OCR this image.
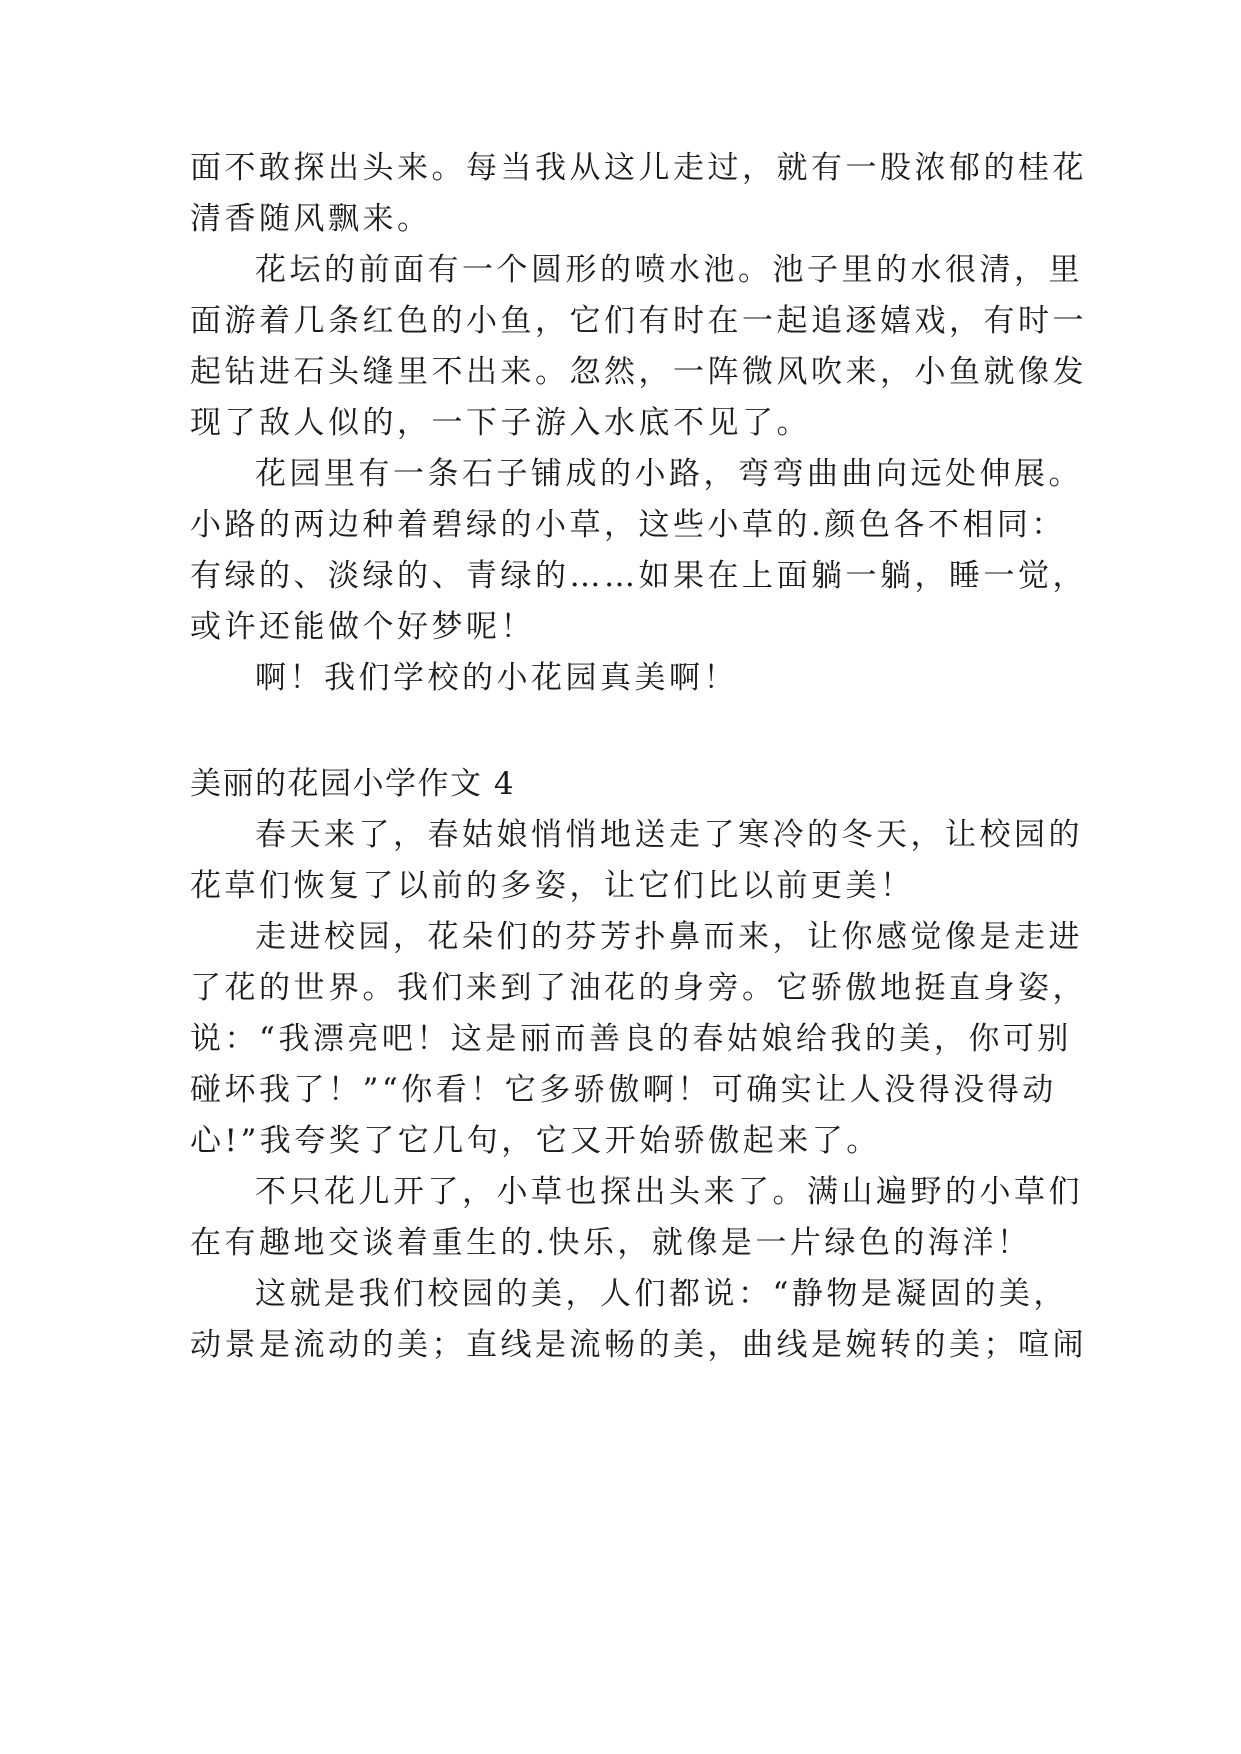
面不敢探出头来。每当我从这儿走过，就有一股浓郁的桂花
清香随风飘来。
花坛的前面有一个圆形的喷水池。池子里的水很清，里
面游着几条红色的小鱼，它们有时在一起追逐嬉戏，有时一
起钻进石头缝里不出来。忽然，一阵微风吹来，小鱼就像发
现了敌人似的，一下子游入水底不见了。
花园里有一条石子铺成的小路，弯弯曲曲向远处伸展。
小路的两边种着碧绿的小草，这些小草的.颜色各不相同：
有绿的、淡绿的、青绿的……如果在上面躺一躺，睡一觉，
或许还能做个好梦呢！
啊！我们学校的小花园真美啊！
美丽的花园小学作文 4
春天来了，春姑娘悄悄地送走了寒冷的冬天，让校园的
花草们恢复了以前的多姿，让它们比以前更美！
走进校园，花朵们的芬芳扑鼻而来，让你感觉像是走进
了花的世界。我们来到了油花的身旁。它骄傲地挺直身姿，
说：“我漂亮吧！这是丽而善良的春姑娘给我的美，你可别
碰坏我了！”“你看！它多骄傲啊！可确实让人没得没得动
心!”我夸奖了它几句，它又开始骄傲起来了。
不只花儿开了，小草也探出头来了。满山遍野的小草们
在有趣地交谈着重生的.快乐，就像是一片绿色的海洋！
这就是我们校园的美，人们都说：“静物是凝固的美，
动景是流动的美；直线是流畅的美，曲线是婉转的美；喧闹
